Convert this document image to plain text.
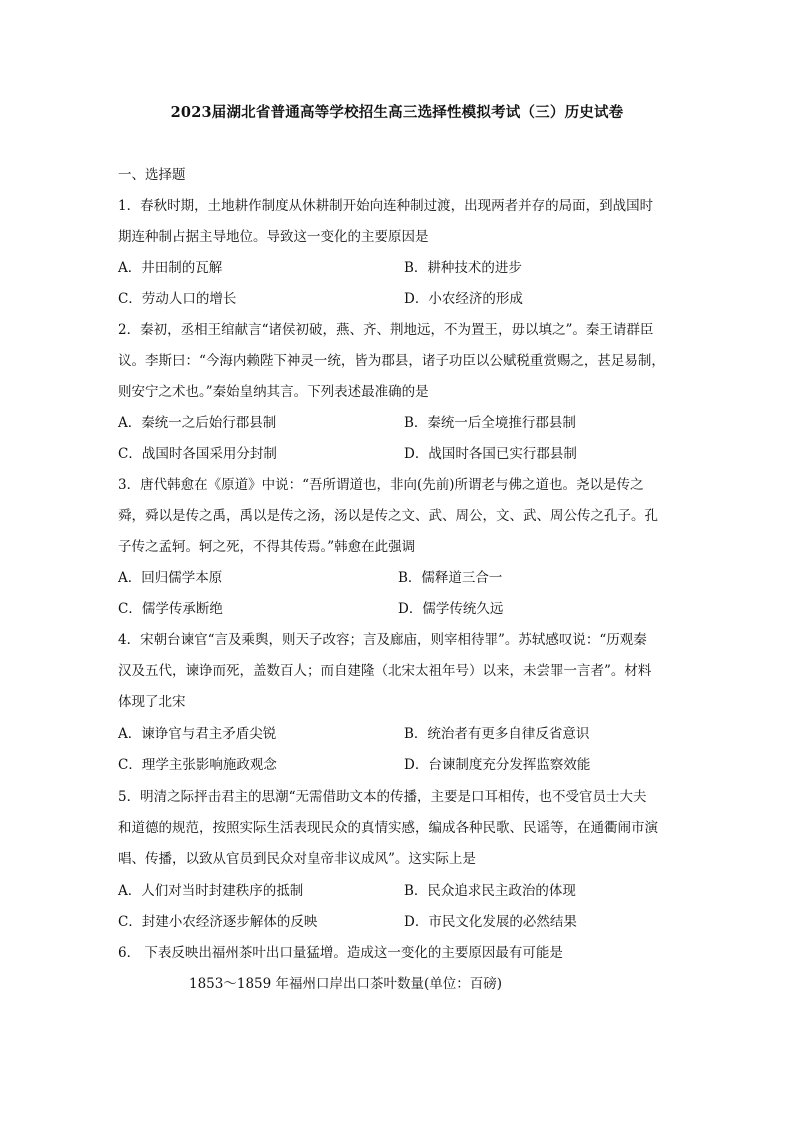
2023届湖北省普通高等学校招生高三选择性模拟考试（三）历史试卷
一、选择题
1．春秋时期，土地耕作制度从休耕制开始向连种制过渡，出现两者并存的局面，到战国时
期连种制占据主导地位。导致这一变化的主要原因是
A．井田制的瓦解	B．耕种技术的进步
C．劳动人口的增长	D．小农经济的形成
2．秦初，丞相王绾献言“诸侯初破，燕、齐、荆地远，不为置王，毋以填之”。秦王请群臣
议。李斯曰：“今海内赖陛下神灵一统，皆为郡县，诸子功臣以公赋税重赏赐之，甚足易制，
则安宁之术也。”秦始皇纳其言。下列表述最准确的是
A．秦统一之后始行郡县制	B．秦统一后全境推行郡县制
C．战国时各国采用分封制	D．战国时各国已实行郡县制
3．唐代韩愈在《原道》中说：“吾所谓道也，非向(先前)所谓老与佛之道也。尧以是传之
舜，舜以是传之禹，禹以是传之汤，汤以是传之文、武、周公，文、武、周公传之孔子。孔
子传之孟轲。轲之死，不得其传焉。”韩愈在此强调
A．回归儒学本原	B．儒释道三合一
C．儒学传承断绝	D．儒学传统久远
4．宋朝台谏官“言及乘舆，则天子改容；言及廊庙，则宰相待罪”。苏轼感叹说：“历观秦
汉及五代，谏诤而死，盖数百人；而自建隆（北宋太祖年号）以来，未尝罪一言者”。材料
体现了北宋
A．谏诤官与君主矛盾尖锐	B．统治者有更多自律反省意识
C．理学主张影响施政观念	D．台谏制度充分发挥监察效能
5．明清之际抨击君主的思潮“无需借助文本的传播，主要是口耳相传，也不受官员士大夫
和道德的规范，按照实际生活表现民众的真情实感，编成各种民歌、民谣等，在通衢闹市演
唱、传播，以致从官员到民众对皇帝非议成风”。这实际上是
A．人们对当时封建秩序的抵制	B．民众追求民主政治的体现
C．封建小农经济逐步解体的反映	D．市民文化发展的必然结果
6． 下表反映出福州茶叶出口量猛增。造成这一变化的主要原因最有可能是
1853～1859 年福州口岸出口茶叶数量(单位：百磅)
